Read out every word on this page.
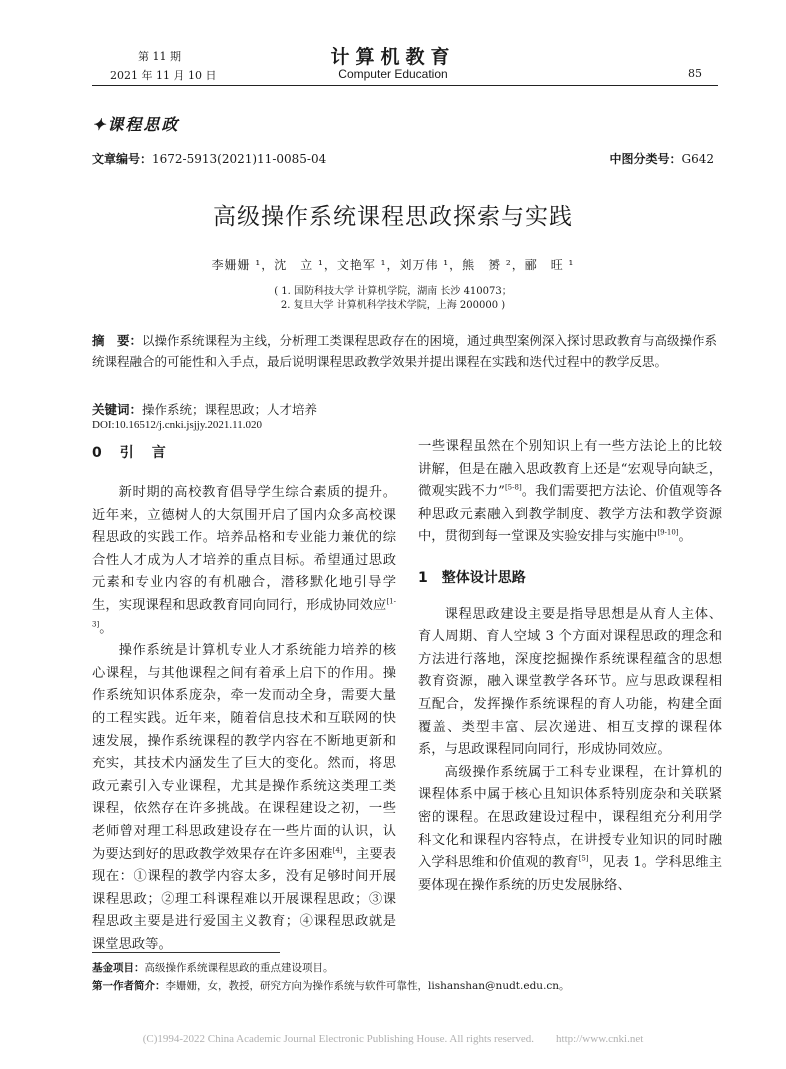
第 11 期
2021 年 11 月 10 日
计算机教育
Computer Education	85
✦课程思政
文章编号：1672-5913(2021)11-0085-04	中图分类号：G642
高级操作系统课程思政探索与实践
李姗姗 ¹，沈　立 ¹，文艳军 ¹，刘万伟 ¹，熊　赟 ²，郦　旺 ¹
( 1. 国防科技大学 计算机学院，湖南 长沙 410073；
2. 复旦大学 计算机科学技术学院，上海 200000 )
摘　要：以操作系统课程为主线，分析理工类课程思政存在的困境，通过典型案例深入探讨思政教育与高级操作系统课程融合的可能性和入手点，最后说明课程思政教学效果并提出课程在实践和迭代过程中的教学反思。
关键词：操作系统；课程思政；人才培养
DOI:10.16512/j.cnki.jsjjy.2021.11.020
0　引　言

新时期的高校教育倡导学生综合素质的提升。近年来，立德树人的大氛围开启了国内众多高校课程思政的实践工作。培养品格和专业能力兼优的综合性人才成为人才培养的重点目标。希望通过思政元素和专业内容的有机融合，潜移默化地引导学生，实现课程和思政教育同向同行，形成协同效应[1-3]。

操作系统是计算机专业人才系统能力培养的核心课程，与其他课程之间有着承上启下的作用。操作系统知识体系庞杂，牵一发而动全身，需要大量的工程实践。近年来，随着信息技术和互联网的快速发展，操作系统课程的教学内容在不断地更新和充实，其技术内涵发生了巨大的变化。然而，将思政元素引入专业课程，尤其是操作系统这类理工类课程，依然存在许多挑战。在课程建设之初，一些老师曾对理工科思政建设存在一些片面的认识，认为要达到好的思政教学效果存在许多困难[4]，主要表现在：①课程的教学内容太多，没有足够时间开展课程思政；②理工科课程难以开展课程思政；③课程思政主要是进行爱国主义教育；④课程思政就是课堂思政等。

一些课程虽然在个别知识上有一些方法论上的比较讲解，但是在融入思政教育上还是“宏观导向缺乏，微观实践不力”[5-8]。我们需要把方法论、价值观等各种思政元素融入到教学制度、教学方法和教学资源中，贯彻到每一堂课及实验安排与实施中[9-10]。

1　整体设计思路

课程思政建设主要是指导思想是从育人主体、育人周期、育人空域 3 个方面对课程思政的理念和方法进行落地，深度挖掘操作系统课程蕴含的思想教育资源，融入课堂教学各环节。应与思政课程相互配合，发挥操作系统课程的育人功能，构建全面覆盖、类型丰富、层次递进、相互支撑的课程体系，与思政课程同向同行，形成协同效应。

高级操作系统属于工科专业课程，在计算机的课程体系中属于核心且知识体系特别庞杂和关联紧密的课程。在思政建设过程中，课程组充分利用学科文化和课程内容特点，在讲授专业知识的同时融入学科思维和价值观的教育[5]，见表 1。学科思维主要体现在操作系统的历史发展脉络、

基金项目：高级操作系统课程思政的重点建设项目。
第一作者简介：李姗姗，女，教授，研究方向为操作系统与软件可靠性，lishanshan@nudt.edu.cn。
(C)1994-2022 China Academic Journal Electronic Publishing House. All rights reserved.　　http://www.cnki.net
